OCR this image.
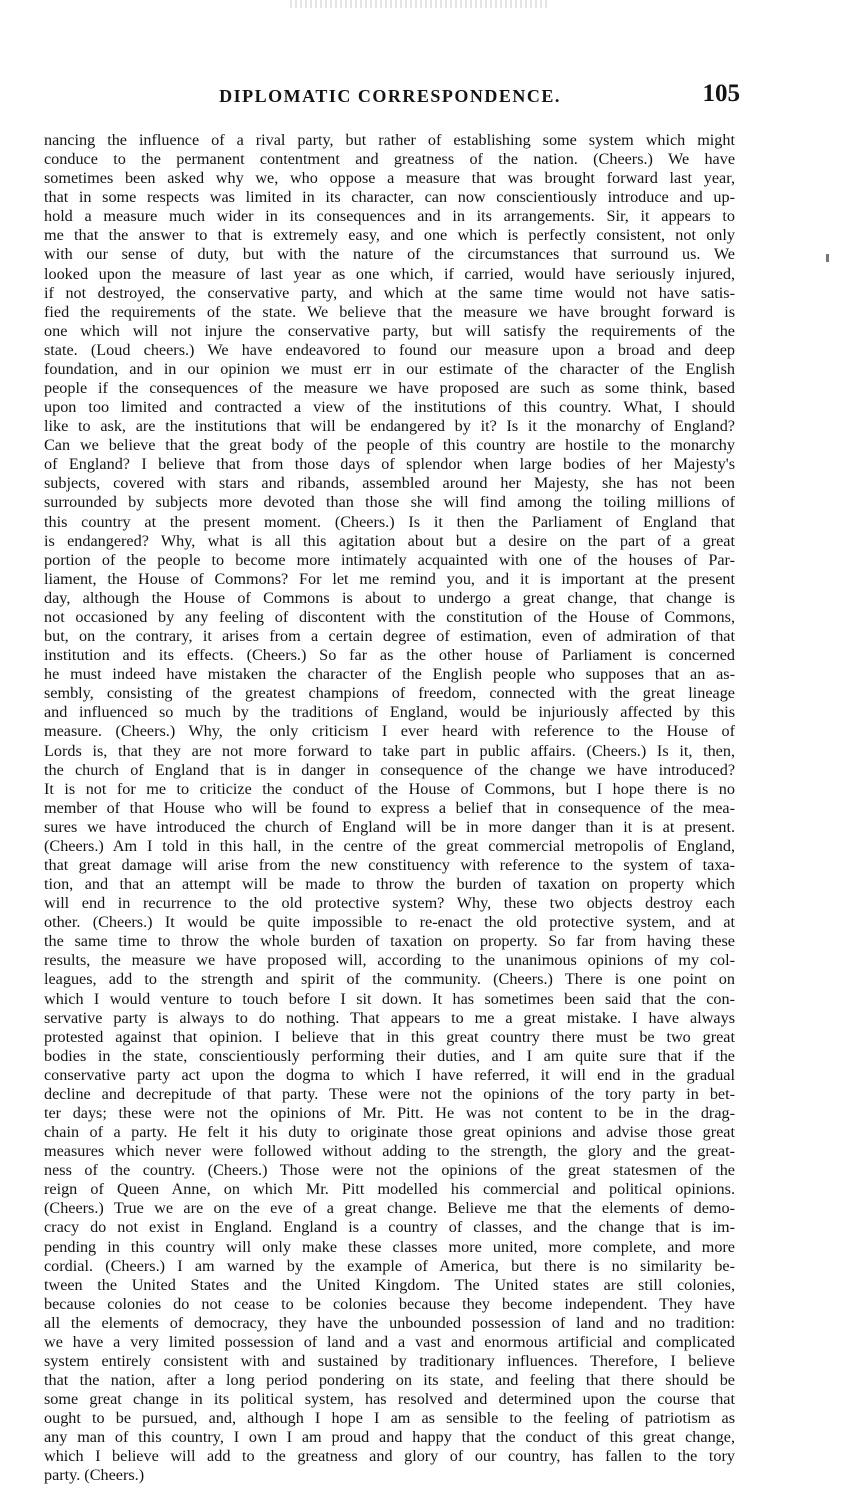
DIPLOMATIC CORRESPONDENCE.	105
nancing the influence of a rival party, but rather of establishing some system which might
conduce to the permanent contentment and greatness of the nation. (Cheers.) We have
sometimes been asked why we, who oppose a measure that was brought forward last year,
that in some respects was limited in its character, can now conscientiously introduce and up-
hold a measure much wider in its consequences and in its arrangements. Sir, it appears to
me that the answer to that is extremely easy, and one which is perfectly consistent, not only
with our sense of duty, but with the nature of the circumstances that surround us. We
looked upon the measure of last year as one which, if carried, would have seriously injured,
if not destroyed, the conservative party, and which at the same time would not have satis-
fied the requirements of the state. We believe that the measure we have brought forward is
one which will not injure the conservative party, but will satisfy the requirements of the
state. (Loud cheers.) We have endeavored to found our measure upon a broad and deep
foundation, and in our opinion we must err in our estimate of the character of the English
people if the consequences of the measure we have proposed are such as some think, based
upon too limited and contracted a view of the institutions of this country. What, I should
like to ask, are the institutions that will be endangered by it? Is it the monarchy of England?
Can we believe that the great body of the people of this country are hostile to the monarchy
of England? I believe that from those days of splendor when large bodies of her Majesty's
subjects, covered with stars and ribands, assembled around her Majesty, she has not been
surrounded by subjects more devoted than those she will find among the toiling millions of
this country at the present moment. (Cheers.) Is it then the Parliament of England that
is endangered? Why, what is all this agitation about but a desire on the part of a great
portion of the people to become more intimately acquainted with one of the houses of Par-
liament, the House of Commons? For let me remind you, and it is important at the present
day, although the House of Commons is about to undergo a great change, that change is
not occasioned by any feeling of discontent with the constitution of the House of Commons,
but, on the contrary, it arises from a certain degree of estimation, even of admiration of that
institution and its effects. (Cheers.) So far as the other house of Parliament is concerned
he must indeed have mistaken the character of the English people who supposes that an as-
sembly, consisting of the greatest champions of freedom, connected with the great lineage
and influenced so much by the traditions of England, would be injuriously affected by this
measure. (Cheers.) Why, the only criticism I ever heard with reference to the House of
Lords is, that they are not more forward to take part in public affairs. (Cheers.) Is it, then,
the church of England that is in danger in consequence of the change we have introduced?
It is not for me to criticize the conduct of the House of Commons, but I hope there is no
member of that House who will be found to express a belief that in consequence of the mea-
sures we have introduced the church of England will be in more danger than it is at present.
(Cheers.) Am I told in this hall, in the centre of the great commercial metropolis of England,
that great damage will arise from the new constituency with reference to the system of taxa-
tion, and that an attempt will be made to throw the burden of taxation on property which
will end in recurrence to the old protective system? Why, these two objects destroy each
other. (Cheers.) It would be quite impossible to re-enact the old protective system, and at
the same time to throw the whole burden of taxation on property. So far from having these
results, the measure we have proposed will, according to the unanimous opinions of my col-
leagues, add to the strength and spirit of the community. (Cheers.) There is one point on
which I would venture to touch before I sit down. It has sometimes been said that the con-
servative party is always to do nothing. That appears to me a great mistake. I have always
protested against that opinion. I believe that in this great country there must be two great
bodies in the state, conscientiously performing their duties, and I am quite sure that if the
conservative party act upon the dogma to which I have referred, it will end in the gradual
decline and decrepitude of that party. These were not the opinions of the tory party in bet-
ter days; these were not the opinions of Mr. Pitt. He was not content to be in the drag-
chain of a party. He felt it his duty to originate those great opinions and advise those great
measures which never were followed without adding to the strength, the glory and the great-
ness of the country. (Cheers.) Those were not the opinions of the great statesmen of the
reign of Queen Anne, on which Mr. Pitt modelled his commercial and political opinions.
(Cheers.) True we are on the eve of a great change. Believe me that the elements of demo-
cracy do not exist in England. England is a country of classes, and the change that is im-
pending in this country will only make these classes more united, more complete, and more
cordial. (Cheers.) I am warned by the example of America, but there is no similarity be-
tween the United States and the United Kingdom. The United states are still colonies,
because colonies do not cease to be colonies because they become independent. They have
all the elements of democracy, they have the unbounded possession of land and no tradition:
we have a very limited possession of land and a vast and enormous artificial and complicated
system entirely consistent with and sustained by traditionary influences. Therefore, I believe
that the nation, after a long period pondering on its state, and feeling that there should be
some great change in its political system, has resolved and determined upon the course that
ought to be pursued, and, although I hope I am as sensible to the feeling of patriotism as
any man of this country, I own I am proud and happy that the conduct of this great change,
which I believe will add to the greatness and glory of our country, has fallen to the tory
party. (Cheers.)
